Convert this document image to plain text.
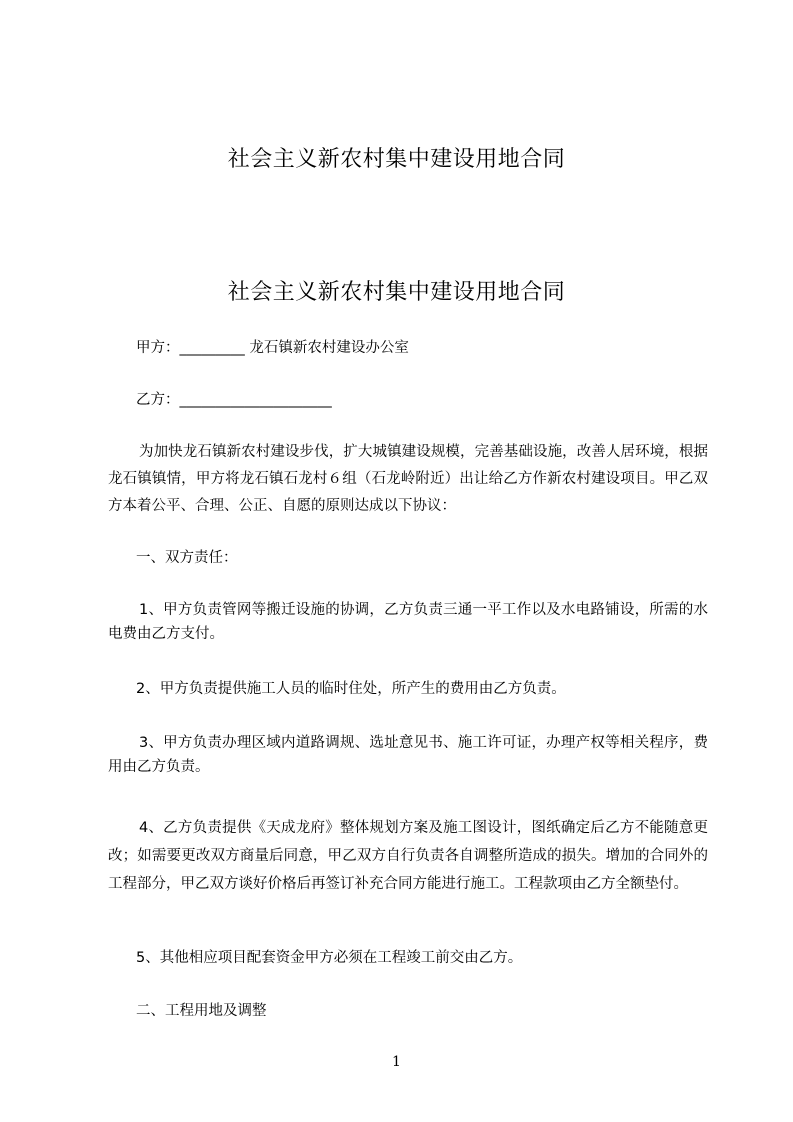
社会主义新农村集中建设用地合同
社会主义新农村集中建设用地合同
甲方：_________ 龙石镇新农村建设办公室
乙方：_____________________
为加快龙石镇新农村建设步伐，扩大城镇建设规模，完善基础设施，改善人居环境，根据龙石镇镇情，甲方将龙石镇石龙村６组（石龙岭附近）出让给乙方作新农村建设项目。甲乙双方本着公平、合理、公正、自愿的原则达成以下协议：
一、双方责任：
1、甲方负责管网等搬迁设施的协调，乙方负责三通一平工作以及水电路铺设，所需的水电费由乙方支付。
2、甲方负责提供施工人员的临时住处，所产生的费用由乙方负责。
3、甲方负责办理区域内道路调规、选址意见书、施工许可证，办理产权等相关程序，费用由乙方负责。
4、乙方负责提供《天成龙府》整体规划方案及施工图设计，图纸确定后乙方不能随意更改；如需要更改双方商量后同意，甲乙双方自行负责各自调整所造成的损失。增加的合同外的工程部分，甲乙双方谈好价格后再签订补充合同方能进行施工。工程款项由乙方全额垫付。
5、其他相应项目配套资金甲方必须在工程竣工前交由乙方。
二、工程用地及调整
1
